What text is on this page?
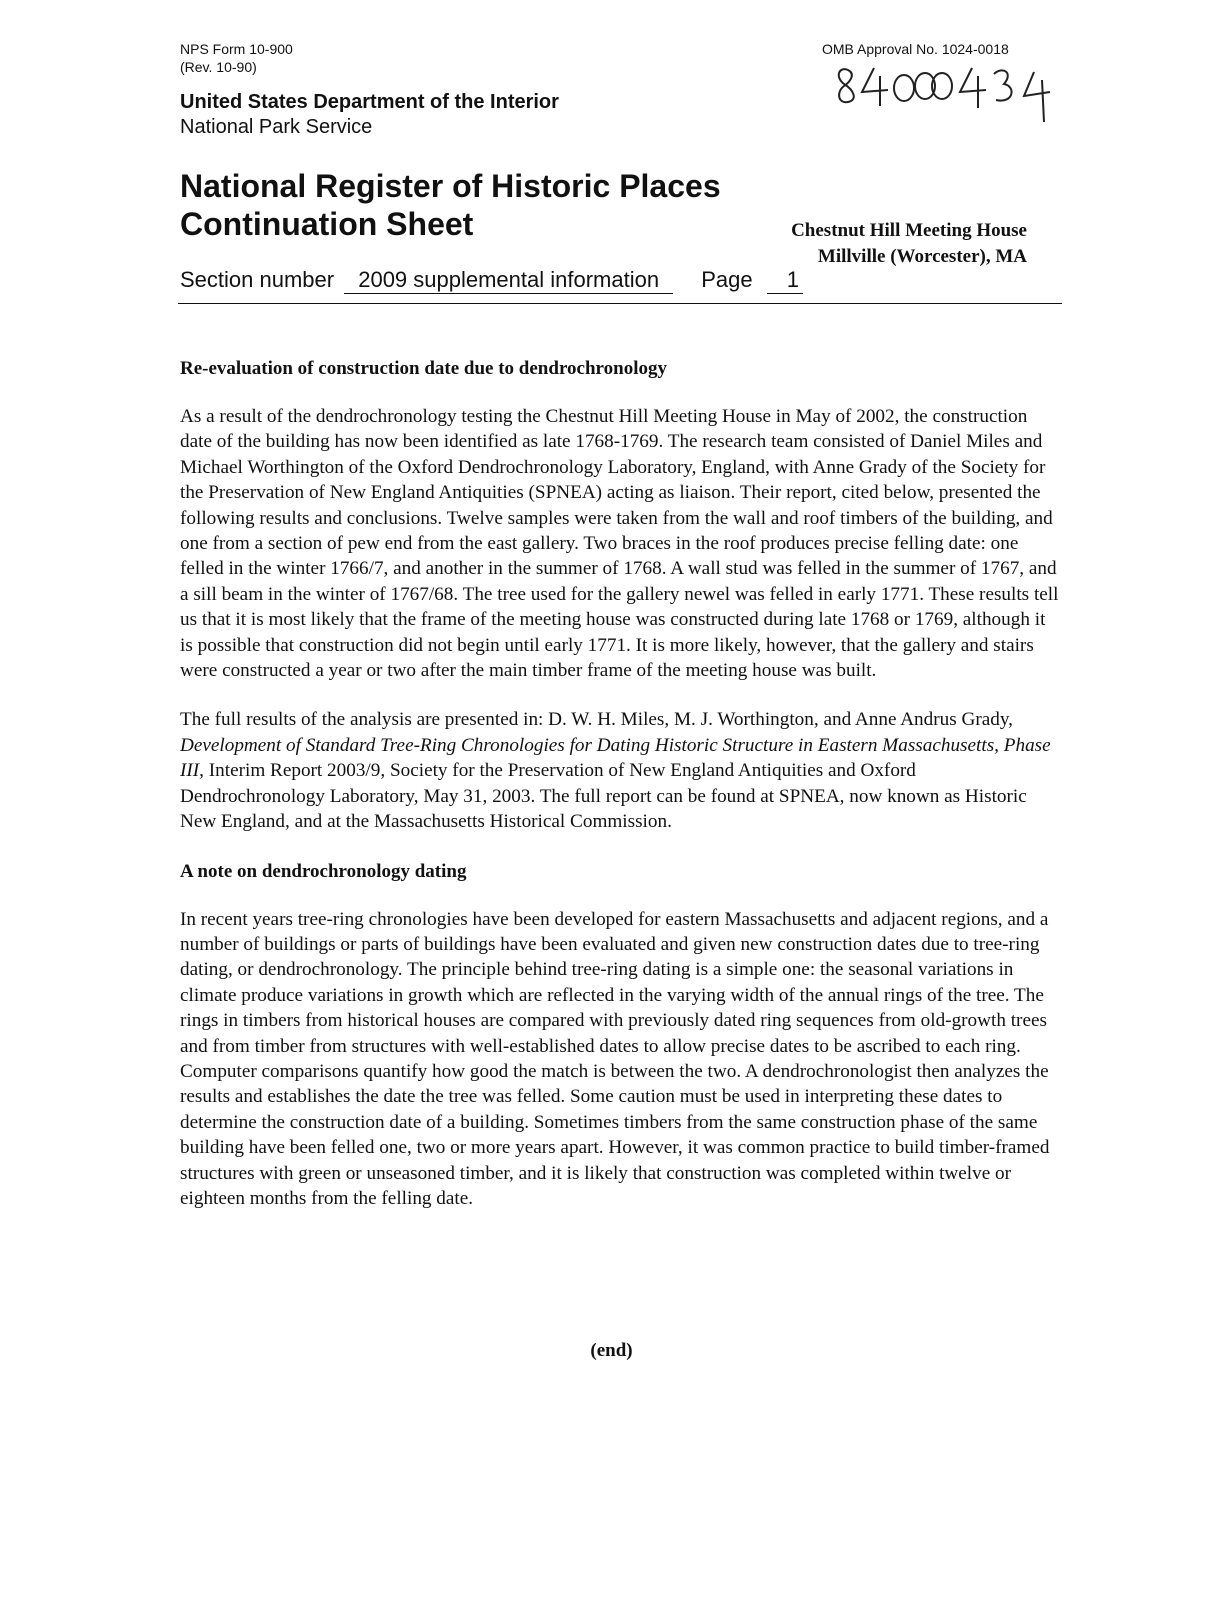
NPS Form 10-900
(Rev. 10-90)
OMB Approval No. 1024-0018
United States Department of the Interior
National Park Service
National Register of Historic Places
Continuation Sheet	Chestnut Hill Meeting House
Millville (Worcester), MA
Section number 2009 supplemental information Page 1
Re-evaluation of construction date due to dendrochronology

As a result of the dendrochronology testing the Chestnut Hill Meeting House in May of 2002, the construction date of the building has now been identified as late 1768-1769. The research team consisted of Daniel Miles and Michael Worthington of the Oxford Dendrochronology Laboratory, England, with Anne Grady of the Society for the Preservation of New England Antiquities (SPNEA) acting as liaison. Their report, cited below, presented the following results and conclusions. Twelve samples were taken from the wall and roof timbers of the building, and one from a section of pew end from the east gallery. Two braces in the roof produces precise felling date: one felled in the winter 1766/7, and another in the summer of 1768. A wall stud was felled in the summer of 1767, and a sill beam in the winter of 1767/68. The tree used for the gallery newel was felled in early 1771. These results tell us that it is most likely that the frame of the meeting house was constructed during late 1768 or 1769, although it is possible that construction did not begin until early 1771. It is more likely, however, that the gallery and stairs were constructed a year or two after the main timber frame of the meeting house was built.

The full results of the analysis are presented in: D. W. H. Miles, M. J. Worthington, and Anne Andrus Grady, Development of Standard Tree-Ring Chronologies for Dating Historic Structure in Eastern Massachusetts, Phase III, Interim Report 2003/9, Society for the Preservation of New England Antiquities and Oxford Dendrochronology Laboratory, May 31, 2003. The full report can be found at SPNEA, now known as Historic New England, and at the Massachusetts Historical Commission.

A note on dendrochronology dating

In recent years tree-ring chronologies have been developed for eastern Massachusetts and adjacent regions, and a number of buildings or parts of buildings have been evaluated and given new construction dates due to tree-ring dating, or dendrochronology. The principle behind tree-ring dating is a simple one: the seasonal variations in climate produce variations in growth which are reflected in the varying width of the annual rings of the tree. The rings in timbers from historical houses are compared with previously dated ring sequences from old-growth trees and from timber from structures with well-established dates to allow precise dates to be ascribed to each ring. Computer comparisons quantify how good the match is between the two. A dendrochronologist then analyzes the results and establishes the date the tree was felled. Some caution must be used in interpreting these dates to determine the construction date of a building. Sometimes timbers from the same construction phase of the same building have been felled one, two or more years apart. However, it was common practice to build timber-framed structures with green or unseasoned timber, and it is likely that construction was completed within twelve or eighteen months from the felling date.

(end)
